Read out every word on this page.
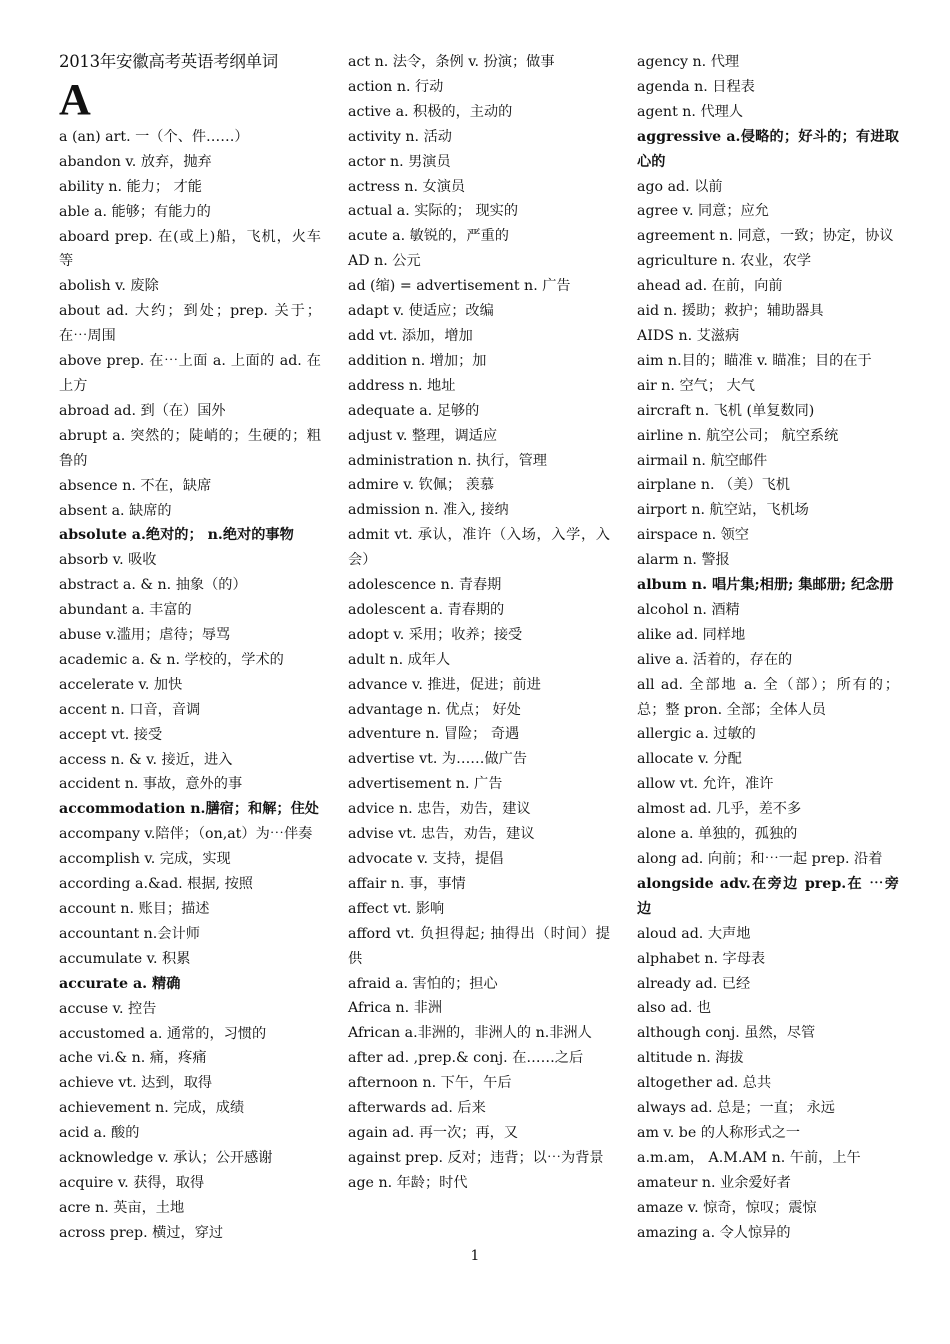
2013年安徽高考英语考纲单词
A

a (an) art. 一（个、件……）

abandon v. 放弃，抛弃

ability n. 能力； 才能

able a. 能够；有能力的

aboard prep. 在(或上)船，飞机，火车等

abolish v. 废除

about ad. 大约；到处；prep. 关于；在⋯周围

above prep. 在⋯上面 a. 上面的 ad. 在上方

abroad ad. 到（在）国外

abrupt a. 突然的；陡峭的；生硬的；粗鲁的

absence n. 不在，缺席

absent a. 缺席的

absolute a.绝对的； n.绝对的事物

absorb v. 吸收

abstract a. & n. 抽象（的）

abundant a. 丰富的

abuse v.滥用；虐待；辱骂

academic a. & n. 学校的，学术的

accelerate v. 加快

accent n. 口音，音调

accept vt. 接受

access n. & v. 接近，进入

accident n. 事故，意外的事

accommodation n.膳宿；和解；住处

accompany v.陪伴；（on,at）为⋯伴奏

accomplish v. 完成，实现

according a.&ad. 根据, 按照

account n. 账目；描述

accountant n.会计师

accumulate v. 积累

accurate a. 精确

accuse v. 控告

accustomed a. 通常的，习惯的

ache vi.& n. 痛，疼痛

achieve vt. 达到，取得

achievement n. 完成，成绩

acid a. 酸的

acknowledge v. 承认；公开感谢

acquire v. 获得，取得

acre n. 英亩，土地

across prep. 横过，穿过

act n. 法令，条例 v. 扮演；做事

action n. 行动

active a. 积极的，主动的

activity n. 活动

actor n. 男演员

actress n. 女演员

actual a. 实际的； 现实的

acute a. 敏锐的，严重的

AD n. 公元

ad (缩) = advertisement n. 广告

adapt v. 使适应；改编

add vt. 添加，增加

addition n. 增加；加

address n. 地址

adequate a. 足够的

adjust v. 整理，调适应

administration n. 执行，管理

admire v. 钦佩； 羡慕

admission n. 准入, 接纳

admit vt. 承认，准许（入场，入学，入会）

adolescence n. 青春期

adolescent a. 青春期的

adopt v. 采用；收养；接受

adult n. 成年人

advance v. 推进，促进；前进

advantage n. 优点； 好处

adventure n. 冒险； 奇遇

advertise vt. 为……做广告

advertisement n. 广告

advice n. 忠告，劝告，建议

advise vt. 忠告，劝告，建议

advocate v. 支持，提倡

affair n. 事，事情

affect vt. 影响

afford vt. 负担得起; 抽得出（时间）提供

afraid a. 害怕的；担心

Africa n. 非洲

African a.非洲的，非洲人的 n.非洲人

after ad. ,prep.& conj. 在……之后

afternoon n. 下午，午后

afterwards ad. 后来

again ad. 再一次；再，又

against prep. 反对；违背；以⋯为背景

age n. 年龄；时代

agency n. 代理

agenda n. 日程表

agent n. 代理人

aggressive a.侵略的；好斗的；有进取心的

ago ad. 以前

agree v. 同意；应允

agreement n. 同意，一致；协定，协议

agriculture n. 农业，农学

ahead ad. 在前，向前

aid n. 援助；救护；辅助器具

AIDS n. 艾滋病

aim n.目的；瞄准 v. 瞄准；目的在于

air n. 空气； 大气

aircraft n. 飞机 (单复数同)

airline n. 航空公司； 航空系统

airmail n. 航空邮件

airplane n. （美）飞机

airport n. 航空站，飞机场

airspace n. 领空

alarm n. 警报

album n. 唱片集;相册; 集邮册; 纪念册

alcohol n. 酒精

alike ad. 同样地

alive a. 活着的，存在的

all ad. 全部地 a. 全（部）；所有的；总；整 pron. 全部；全体人员

allergic a. 过敏的

allocate v. 分配

allow vt. 允许，准许

almost ad. 几乎，差不多

alone a. 单独的，孤独的

along ad. 向前；和⋯一起 prep. 沿着

alongside adv.在旁边 prep.在 ⋯旁边

aloud ad. 大声地

alphabet n. 字母表

already ad. 已经

also ad. 也

although conj. 虽然，尽管

altitude n. 海拔

altogether ad. 总共

always ad. 总是；一直； 永远

am v. be 的人称形式之一

a.m.am， A.M.AM n. 午前，上午

amateur n. 业余爱好者

amaze v. 惊奇，惊叹；震惊

amazing a. 令人惊异的

1
